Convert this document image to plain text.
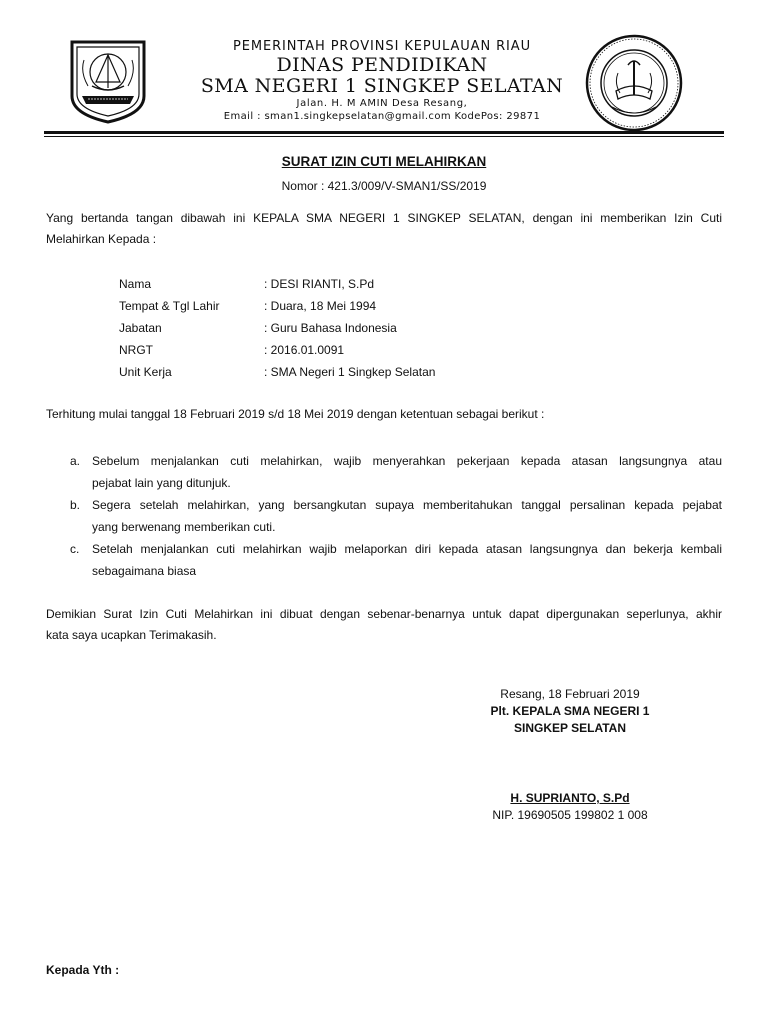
PEMERINTAH PROVINSI KEPULAUAN RIAU
DINAS PENDIDIKAN
SMA NEGERI 1 SINGKEP SELATAN
Jalan. H. M AMIN Desa Resang,
Email : sman1.singkepselatan@gmail.com KodePos: 29871
SURAT IZIN CUTI MELAHIRKAN
Nomor : 421.3/009/V-SMAN1/SS/2019
Yang bertanda tangan dibawah ini KEPALA SMA NEGERI 1 SINGKEP SELATAN, dengan ini memberikan Izin Cuti
Melahirkan Kepada :
Nama	: DESI RIANTI, S.Pd
Tempat & Tgl Lahir	: Duara, 18 Mei 1994
Jabatan	: Guru Bahasa Indonesia
NRGT	: 2016.01.0091
Unit Kerja	: SMA Negeri 1 Singkep Selatan
Terhitung mulai tanggal 18 Februari 2019 s/d 18 Mei 2019 dengan ketentuan sebagai berikut :
a. Sebelum menjalankan cuti melahirkan, wajib menyerahkan pekerjaan kepada atasan langsungnya atau
pejabat lain yang ditunjuk.
b. Segera setelah melahirkan, yang bersangkutan supaya memberitahukan tanggal persalinan kepada pejabat
yang berwenang memberikan cuti.
c. Setelah menjalankan cuti melahirkan wajib melaporkan diri kepada atasan langsungnya dan bekerja kembali
sebagaimana biasa
Demikian Surat Izin Cuti Melahirkan ini dibuat dengan sebenar-benarnya untuk dapat dipergunakan seperlunya, akhir
kata saya ucapkan Terimakasih.
Resang, 18 Februari 2019
Plt. KEPALA SMA NEGERI 1
SINGKEP SELATAN
H. SUPRIANTO, S.Pd
NIP. 19690505 199802 1 008
Kepada Yth :
